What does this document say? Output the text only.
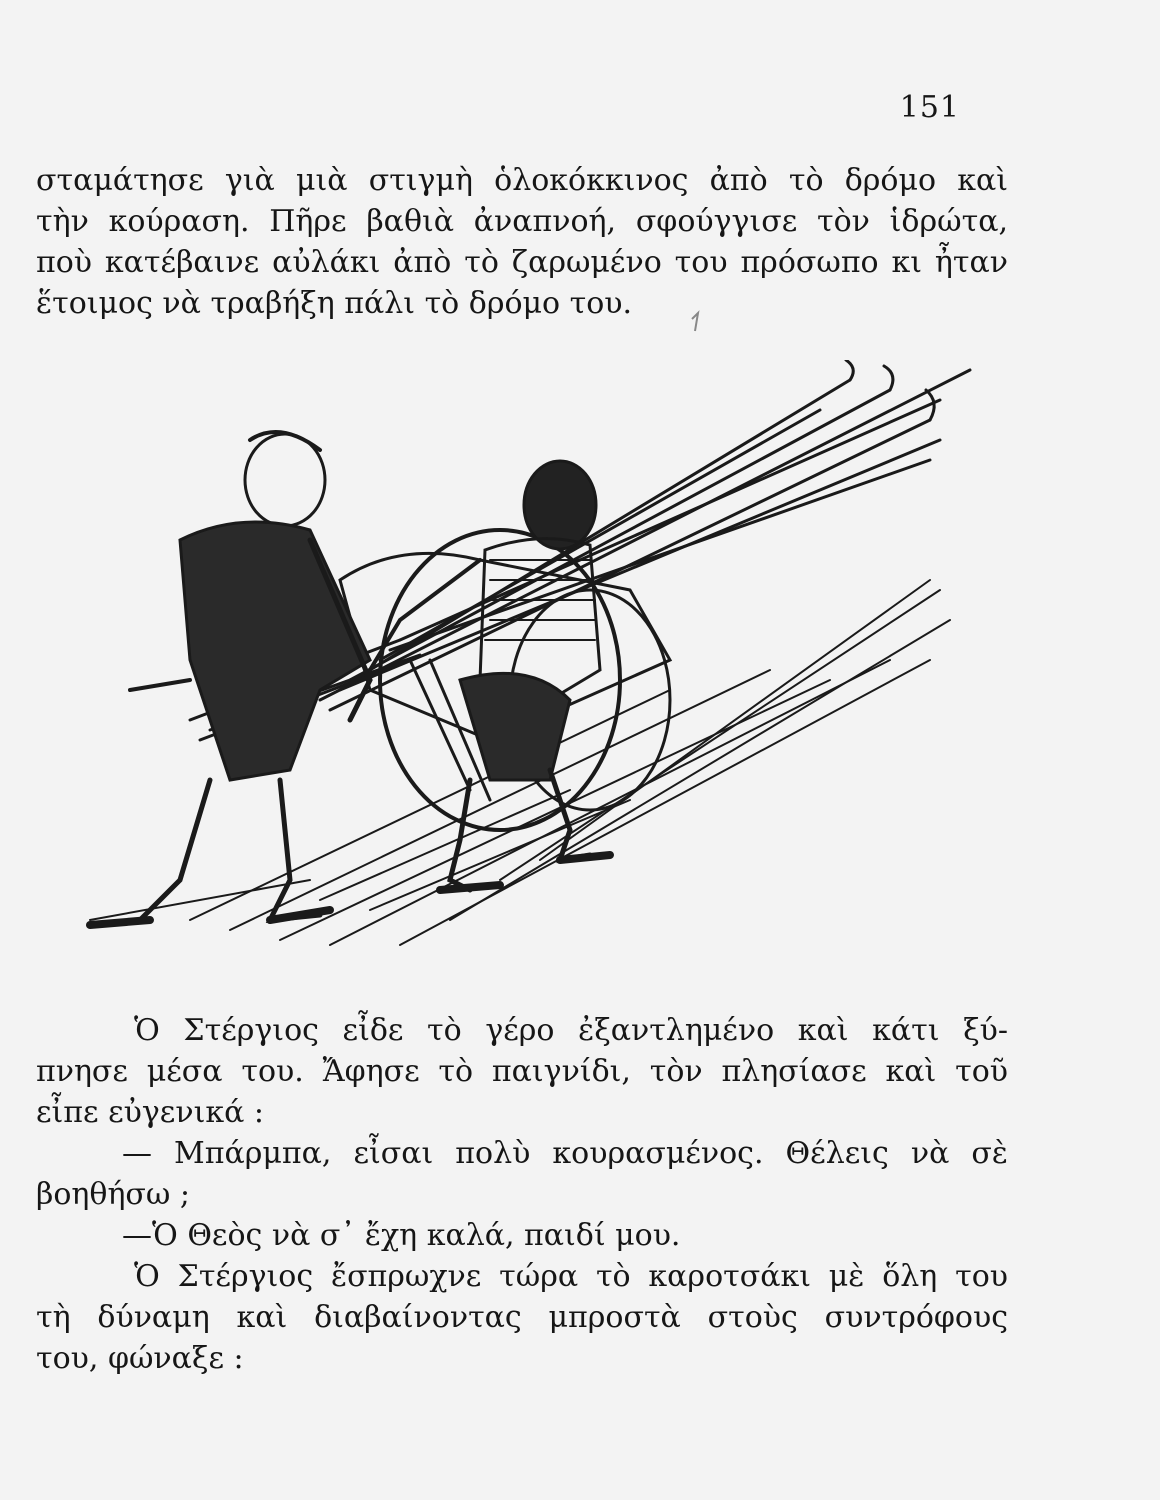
151
σταμάτησε γιὰ μιὰ στιγμὴ ὁλοκόκκινος ἀπὸ τὸ δρόμο καὶ
τὴν κούραση. Πῆρε βαθιὰ ἀναπνοή, σφούγγισε τὸν ἱδρώτα,
ποὺ κατέβαινε αὐλάκι ἀπὸ τὸ ζαρωμένο του πρόσωπο κι ἦταν
ἕτοιμος νὰ τραβήξη πάλι τὸ δρόμο του.
Ὁ Στέργιος εἶδε τὸ γέρο ἐξαντλημένο καὶ κάτι ξύ-
πνησε μέσα του. Ἄφησε τὸ παιγνίδι, τὸν πλησίασε καὶ τοῦ
εἶπε εὐγενικά :
— Μπάρμπα, εἶσαι πολὺ κουρασμένος. Θέλεις νὰ σὲ
βοηθήσω ;
—Ὁ Θεὸς νὰ σ᾿ ἔχη καλά, παιδί μου.
Ὁ Στέργιος ἔσπρωχνε τώρα τὸ καροτσάκι μὲ ὅλη του
τὴ δύναμη καὶ διαβαίνοντας μπροστὰ στοὺς συντρόφους
του, φώναξε :
